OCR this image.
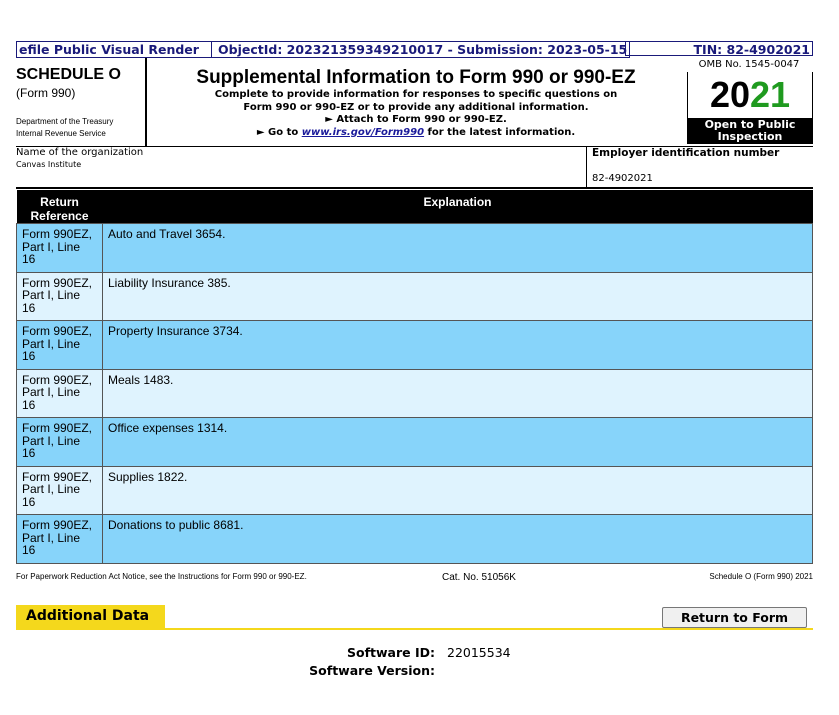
efile Public Visual Render	ObjectId: 202321359349210017 - Submission: 2023-05-15	TIN: 82-4902021
SCHEDULE O
(Form 990)
Department of the Treasury
Internal Revenue Service
Supplemental Information to Form 990 or 990-EZ
Complete to provide information for responses to specific questions on
Form 990 or 990-EZ or to provide any additional information.
► Attach to Form 990 or 990-EZ.
► Go to www.irs.gov/Form990 for the latest information.
OMB No. 1545-0047
2021
Open to Public
Inspection
Name of the organization
Canvas Institute
Employer identification number
82-4902021
Return
Reference	Explanation

Form 990EZ,
Part I, Line
16	Auto and Travel 3654.

Form 990EZ,
Part I, Line
16	Liability Insurance 385.

Form 990EZ,
Part I, Line
16	Property Insurance 3734.

Form 990EZ,
Part I, Line
16	Meals 1483.

Form 990EZ,
Part I, Line
16	Office expenses 1314.

Form 990EZ,
Part I, Line
16	Supplies 1822.

Form 990EZ,
Part I, Line
16	Donations to public 8681.
For Paperwork Reduction Act Notice, see the Instructions for Form 990 or 990-EZ.	Cat. No. 51056K	Schedule O (Form 990) 2021
Additional Data	Return to Form
Software ID: 22015534
Software Version:
